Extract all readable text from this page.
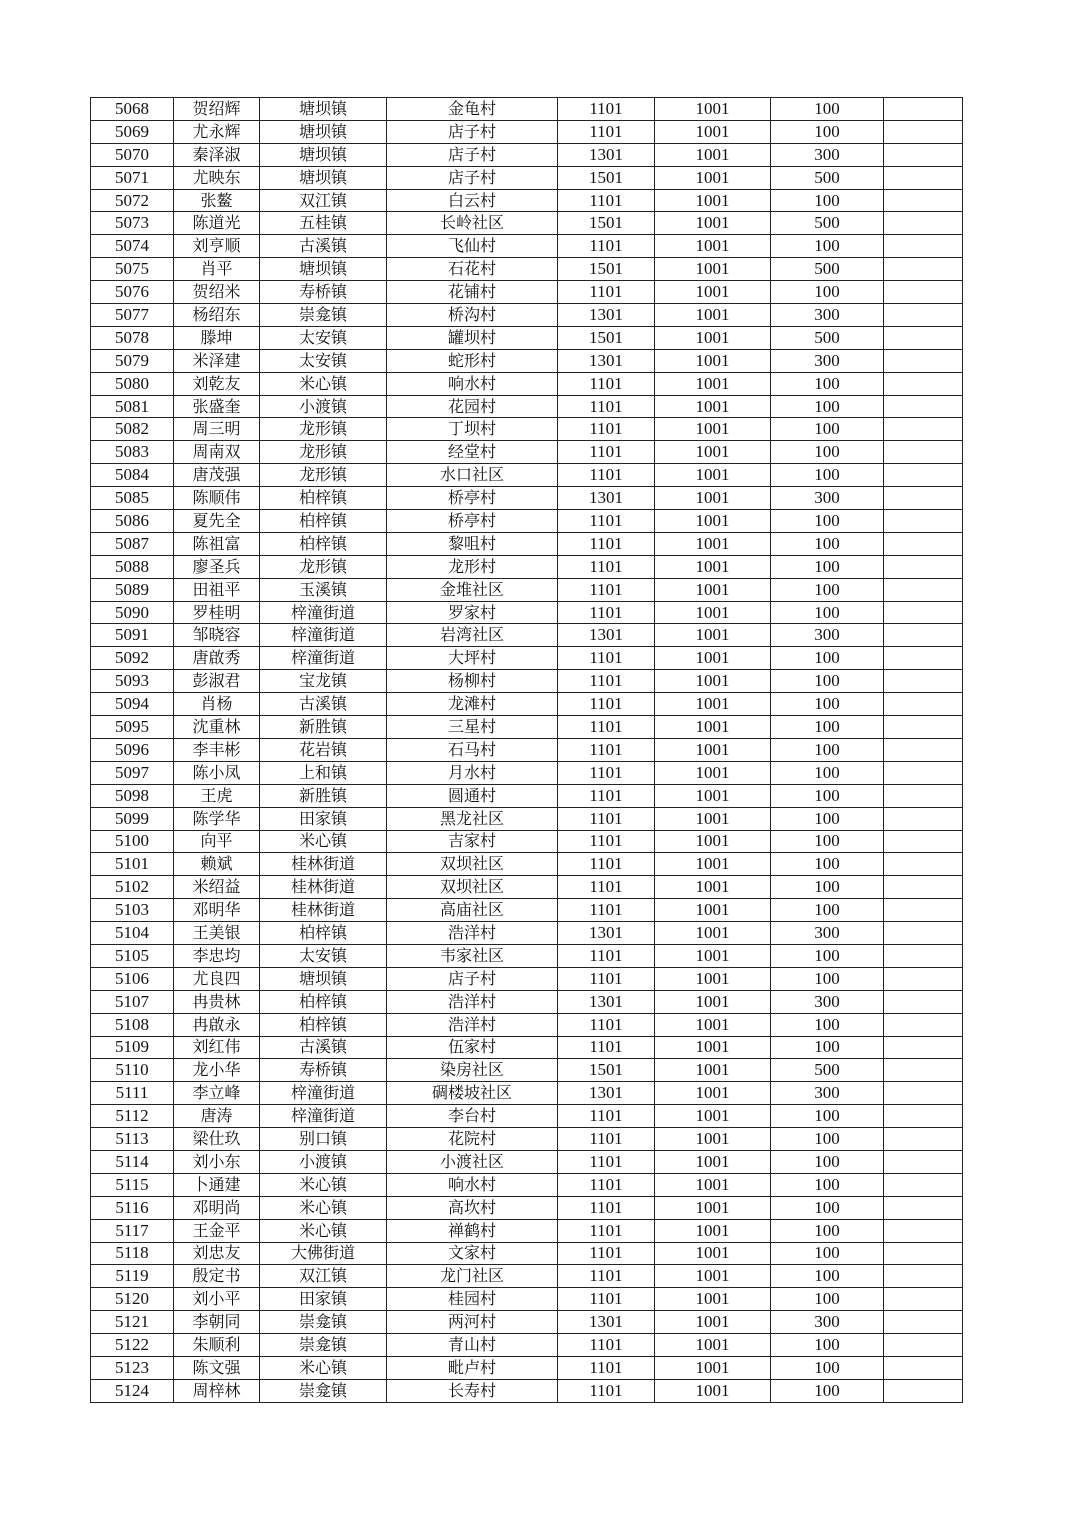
5068	贺绍辉	塘坝镇	金龟村	1101	1001	100	
5069	尤永辉	塘坝镇	店子村	1101	1001	100	
5070	秦泽淑	塘坝镇	店子村	1301	1001	300	
5071	尤映东	塘坝镇	店子村	1501	1001	500	
5072	张鳌	双江镇	白云村	1101	1001	100	
5073	陈道光	五桂镇	长岭社区	1501	1001	500	
5074	刘亨顺	古溪镇	飞仙村	1101	1001	100	
5075	肖平	塘坝镇	石花村	1501	1001	500	
5076	贺绍米	寿桥镇	花铺村	1101	1001	100	
5077	杨绍东	崇龛镇	桥沟村	1301	1001	300	
5078	滕坤	太安镇	罐坝村	1501	1001	500	
5079	米泽建	太安镇	蛇形村	1301	1001	300	
5080	刘乾友	米心镇	响水村	1101	1001	100	
5081	张盛奎	小渡镇	花园村	1101	1001	100	
5082	周三明	龙形镇	丁坝村	1101	1001	100	
5083	周南双	龙形镇	经堂村	1101	1001	100	
5084	唐茂强	龙形镇	水口社区	1101	1001	100	
5085	陈顺伟	柏梓镇	桥亭村	1301	1001	300	
5086	夏先全	柏梓镇	桥亭村	1101	1001	100	
5087	陈祖富	柏梓镇	黎咀村	1101	1001	100	
5088	廖圣兵	龙形镇	龙形村	1101	1001	100	
5089	田祖平	玉溪镇	金堆社区	1101	1001	100	
5090	罗桂明	梓潼街道	罗家村	1101	1001	100	
5091	邹晓容	梓潼街道	岩湾社区	1301	1001	300	
5092	唐啟秀	梓潼街道	大坪村	1101	1001	100	
5093	彭淑君	宝龙镇	杨柳村	1101	1001	100	
5094	肖杨	古溪镇	龙滩村	1101	1001	100	
5095	沈重林	新胜镇	三星村	1101	1001	100	
5096	李丰彬	花岩镇	石马村	1101	1001	100	
5097	陈小凤	上和镇	月水村	1101	1001	100	
5098	王虎	新胜镇	圆通村	1101	1001	100	
5099	陈学华	田家镇	黑龙社区	1101	1001	100	
5100	向平	米心镇	吉家村	1101	1001	100	
5101	赖斌	桂林街道	双坝社区	1101	1001	100	
5102	米绍益	桂林街道	双坝社区	1101	1001	100	
5103	邓明华	桂林街道	高庙社区	1101	1001	100	
5104	王美银	柏梓镇	浩洋村	1301	1001	300	
5105	李忠均	太安镇	韦家社区	1101	1001	100	
5106	尤良四	塘坝镇	店子村	1101	1001	100	
5107	冉贵林	柏梓镇	浩洋村	1301	1001	300	
5108	冉啟永	柏梓镇	浩洋村	1101	1001	100	
5109	刘红伟	古溪镇	伍家村	1101	1001	100	
5110	龙小华	寿桥镇	染房社区	1501	1001	500	
5111	李立峰	梓潼街道	碉楼坡社区	1301	1001	300	
5112	唐涛	梓潼街道	李台村	1101	1001	100	
5113	梁仕玖	别口镇	花院村	1101	1001	100	
5114	刘小东	小渡镇	小渡社区	1101	1001	100	
5115	卜通建	米心镇	响水村	1101	1001	100	
5116	邓明尚	米心镇	高坎村	1101	1001	100	
5117	王金平	米心镇	禅鹤村	1101	1001	100	
5118	刘忠友	大佛街道	文家村	1101	1001	100	
5119	殷定书	双江镇	龙门社区	1101	1001	100	
5120	刘小平	田家镇	桂园村	1101	1001	100	
5121	李朝同	崇龛镇	两河村	1301	1001	300	
5122	朱顺利	崇龛镇	青山村	1101	1001	100	
5123	陈文强	米心镇	毗卢村	1101	1001	100	
5124	周梓林	崇龛镇	长寿村	1101	1001	100	
